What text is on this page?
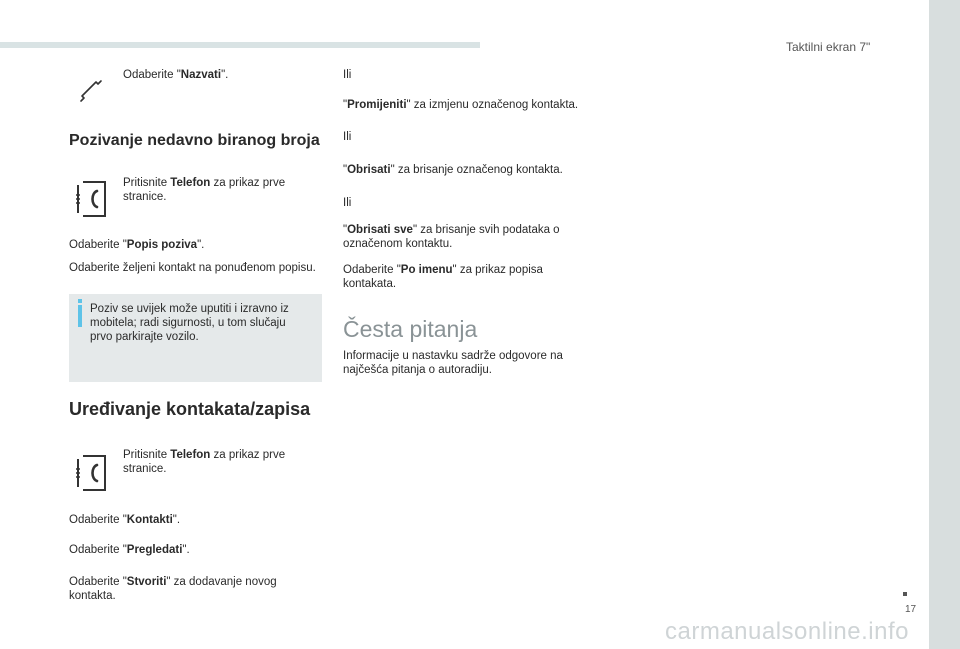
Taktilni ekran 7"
17
carmanualsonline.info
Odaberite "Nazvati".
Pozivanje nedavno biranog broja
Pritisnite Telefon za prikaz prve
stranice.
Odaberite "Popis poziva".
Odaberite željeni kontakt na ponuđenom popisu.
Poziv se uvijek može uputiti i izravno iz
mobitela; radi sigurnosti, u tom slučaju
prvo parkirajte vozilo.
Uređivanje kontakata/zapisa
Pritisnite Telefon za prikaz prve
stranice.
Odaberite "Kontakti".
Odaberite "Pregledati".
Odaberite "Stvoriti" za dodavanje novog
kontakta.
Ili
"Promijeniti" za izmjenu označenog kontakta.
Ili
"Obrisati" za brisanje označenog kontakta.
Ili
"Obrisati sve" za brisanje svih podataka o
označenom kontaktu.
Odaberite "Po imenu" za prikaz popisa
kontakata.
Česta pitanja
Informacije u nastavku sadrže odgovore na
najčešća pitanja o autoradiju.
